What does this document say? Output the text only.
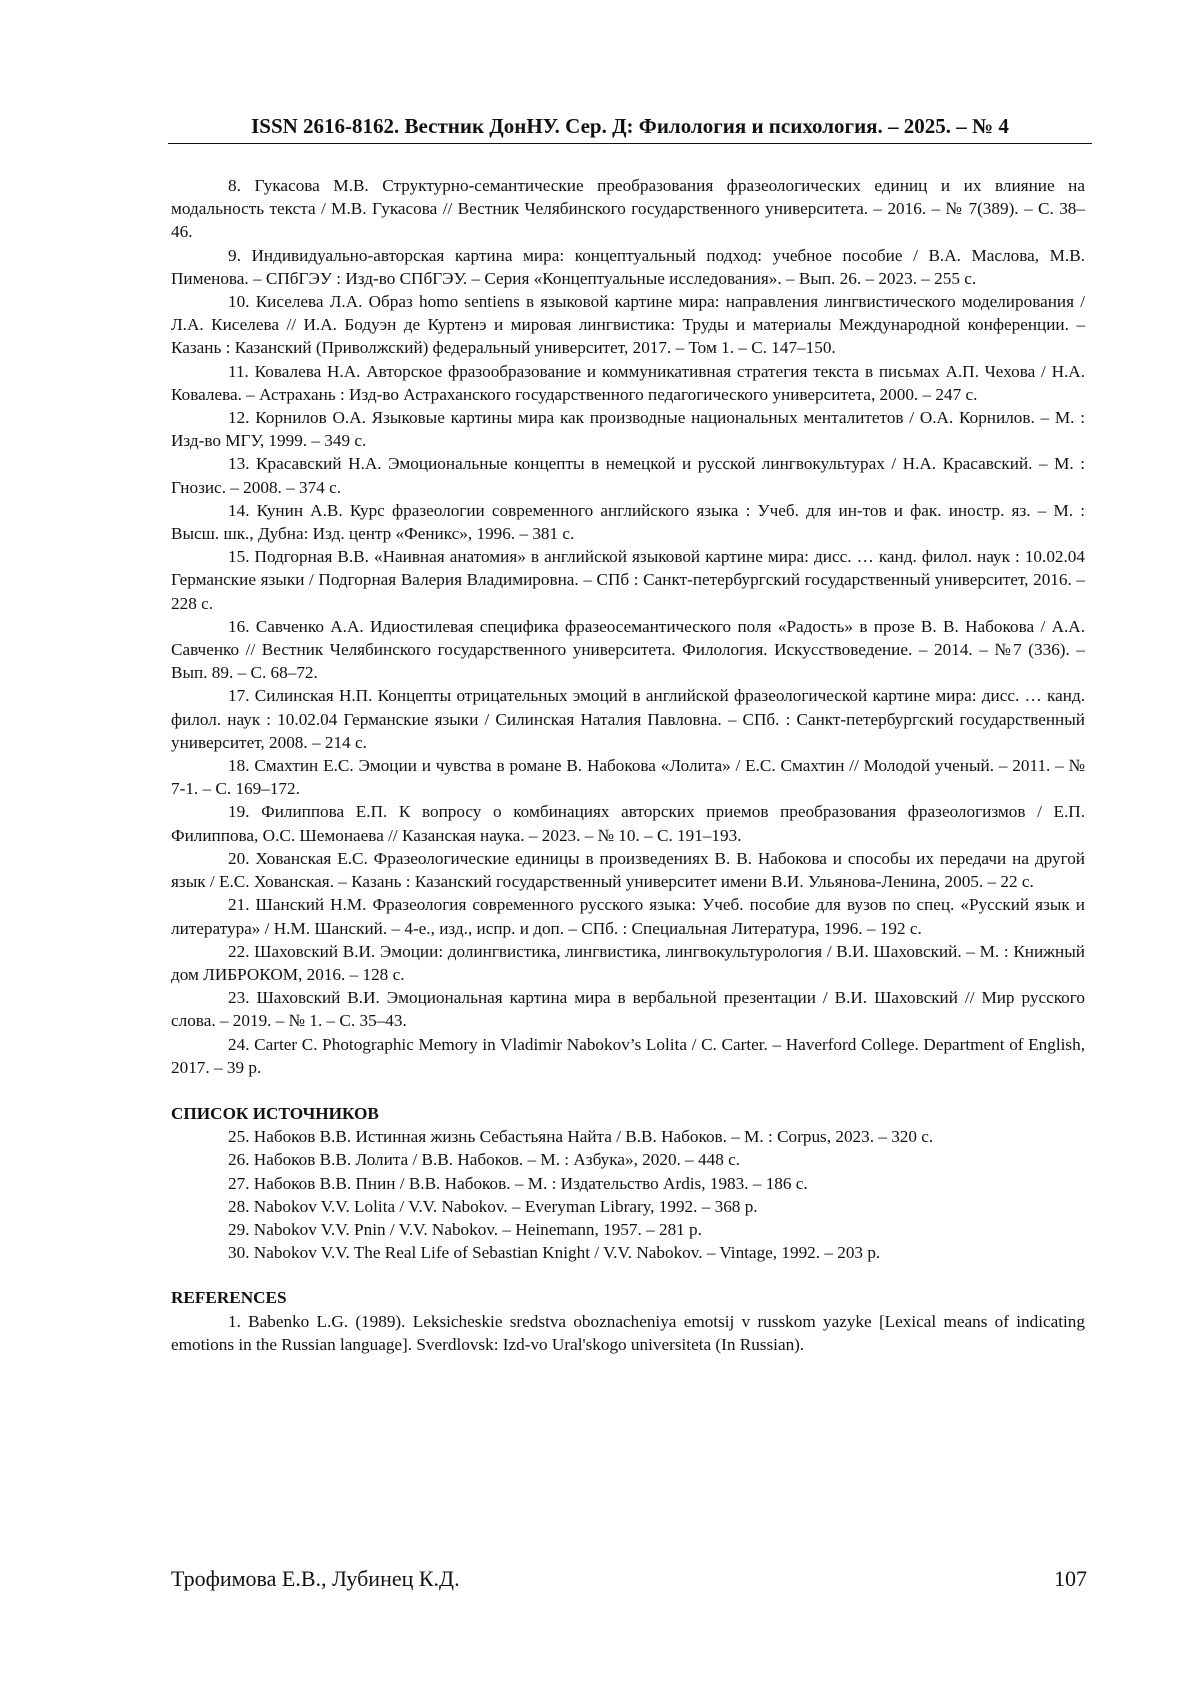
ISSN 2616-8162. Вестник ДонНУ. Сер. Д: Филология и психология. – 2025. – № 4

8. Гукасова М.В. Структурно-семантические преобразования фразеологических единиц и их влияние на модальность текста / М.В. Гукасова // Вестник Челябинского государственного университета. – 2016. – № 7(389). – С. 38–46.

9. Индивидуально-авторская картина мира: концептуальный подход: учебное пособие / В.А. Маслова, М.В. Пименова. – СПбГЭУ : Изд-во СПбГЭУ. – Серия «Концептуальные исследования». – Вып. 26. – 2023. – 255 с.

10. Киселева Л.А. Образ homo sentiens в языковой картине мира: направления лингвистического моделирования / Л.А. Киселева // И.А. Бодуэн де Куртенэ и мировая лингвистика: Труды и материалы Международной конференции. – Казань : Казанский (Приволжский) федеральный университет, 2017. – Том 1. – С. 147–150.

11. Ковалева Н.А. Авторское фразообразование и коммуникативная стратегия текста в письмах А.П. Чехова / Н.А. Ковалева. – Астрахань : Изд-во Астраханского государственного педагогического университета, 2000. – 247 с.

12. Корнилов О.А. Языковые картины мира как производные национальных менталитетов / О.А. Корнилов. – М. : Изд-во МГУ, 1999. – 349 с.

13. Красавский Н.А. Эмоциональные концепты в немецкой и русской лингвокультурах / Н.А. Красавский. – М. : Гнозис. – 2008. – 374 с.

14. Кунин А.В. Курс фразеологии современного английского языка : Учеб. для ин-тов и фак. иностр. яз. – М. : Высш. шк., Дубна: Изд. центр «Феникс», 1996. – 381 с.

15. Подгорная В.В. «Наивная анатомия» в английской языковой картине мира: дисс. … канд. филол. наук : 10.02.04 Германские языки / Подгорная Валерия Владимировна. – СПб : Санкт-петербургский государственный университет, 2016. – 228 с.

16. Савченко А.А. Идиостилевая специфика фразеосемантического поля «Радость» в прозе В. В. Набокова / А.А. Савченко // Вестник Челябинского государственного университета. Филология. Искусствоведение. – 2014. – №7 (336). – Вып. 89. – С. 68–72.

17. Силинская Н.П. Концепты отрицательных эмоций в английской фразеологической картине мира: дисс. … канд. филол. наук : 10.02.04 Германские языки / Силинская Наталия Павловна. – СПб. : Санкт-петербургский государственный университет, 2008. – 214 с.

18. Смахтин Е.С. Эмоции и чувства в романе В. Набокова «Лолита» / Е.С. Смахтин // Молодой ученый. – 2011. – № 7-1. – С. 169–172.

19. Филиппова Е.П. К вопросу о комбинациях авторских приемов преобразования фразеологизмов / Е.П. Филиппова, О.С. Шемонаева // Казанская наука. – 2023. – № 10. – С. 191–193.

20. Хованская Е.С. Фразеологические единицы в произведениях В. В. Набокова и способы их передачи на другой язык / Е.С. Хованская. – Казань : Казанский государственный университет имени В.И. Ульянова-Ленина, 2005. – 22 с.

21. Шанский Н.М. Фразеология современного русского языка: Учеб. пособие для вузов по спец. «Русский язык и литература» / Н.М. Шанский. – 4-е., изд., испр. и доп. – СПб. : Специальная Литература, 1996. – 192 с.

22. Шаховский В.И. Эмоции: долингвистика, лингвистика, лингвокультурология / В.И. Шаховский. – М. : Книжный дом ЛИБРОКОМ, 2016. – 128 с.

23. Шаховский В.И. Эмоциональная картина мира в вербальной презентации / В.И. Шаховский // Мир русского слова. – 2019. – № 1. – С. 35–43.

24. Carter C. Photographic Memory in Vladimir Nabokov’s Lolita / C. Carter. – Haverford College. Department of English, 2017. – 39 p.

СПИСОК ИСТОЧНИКОВ

25. Набоков В.В. Истинная жизнь Себастьяна Найта / В.В. Набоков. – М. : Corpus, 2023. – 320 с.

26. Набоков В.В. Лолита / В.В. Набоков. – М. : Азбука», 2020. – 448 с.

27. Набоков В.В. Пнин / В.В. Набоков. – М. : Издательство Ardis, 1983. – 186 с.

28. Nabokov V.V. Lolita / V.V. Nabokov. – Everyman Library, 1992. – 368 p.

29. Nabokov V.V. Pnin / V.V. Nabokov. – Heinemann, 1957. – 281 p.

30. Nabokov V.V. The Real Life of Sebastian Knight / V.V. Nabokov. – Vintage, 1992. – 203 p.

REFERENCES

1. Babenko L.G. (1989). Leksicheskie sredstva oboznacheniya emotsij v russkom yazyke [Lexical means of indicating emotions in the Russian language]. Sverdlovsk: Izd-vo Ural'skogo universiteta (In Russian).

Трофимова Е.В., Лубинец К.Д.	107
